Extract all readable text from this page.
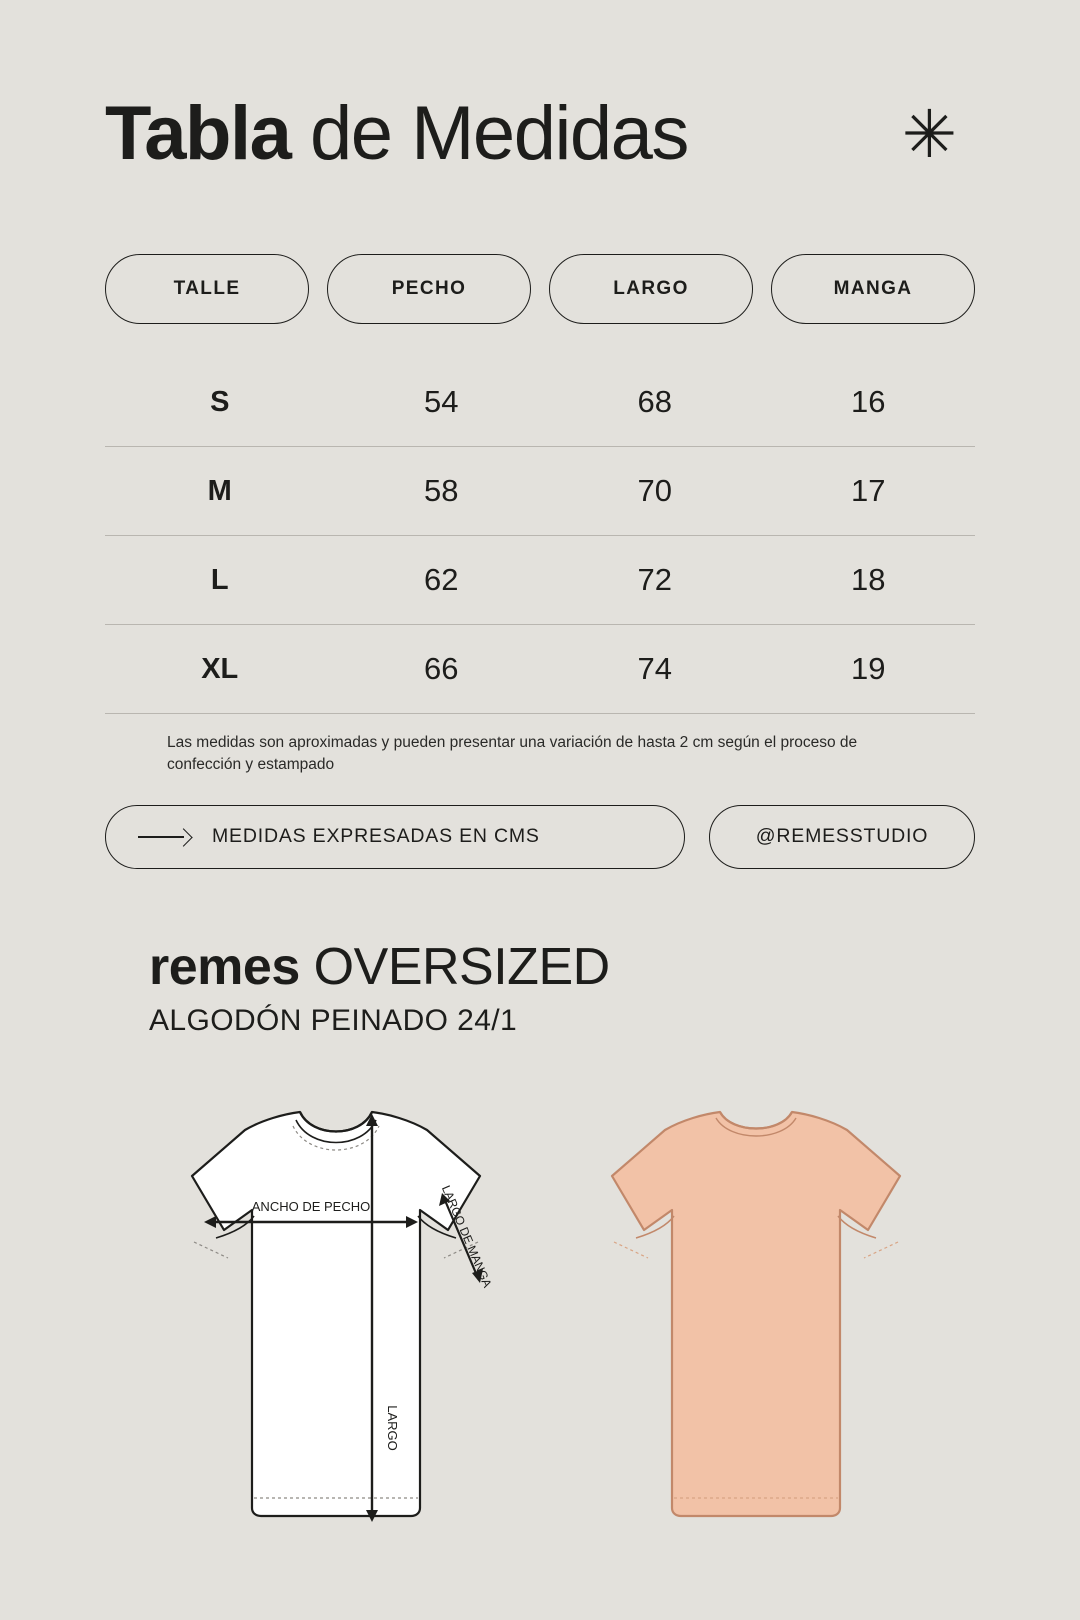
Tabla de Medidas	✳
TALLE	PECHO	LARGO	MANGA
S	54	68	16
M	58	70	17
L	62	72	18
XL	66	74	19
Las medidas son aproximadas y pueden presentar una variación de hasta 2 cm según el proceso de confección y estampado
MEDIDAS EXPRESADAS EN CMS	@REMESSTUDIO
remes OVERSIZED
ALGODÓN PEINADO 24/1
ANCHO DE PECHO
LARGO
LARGO DE MANGA
